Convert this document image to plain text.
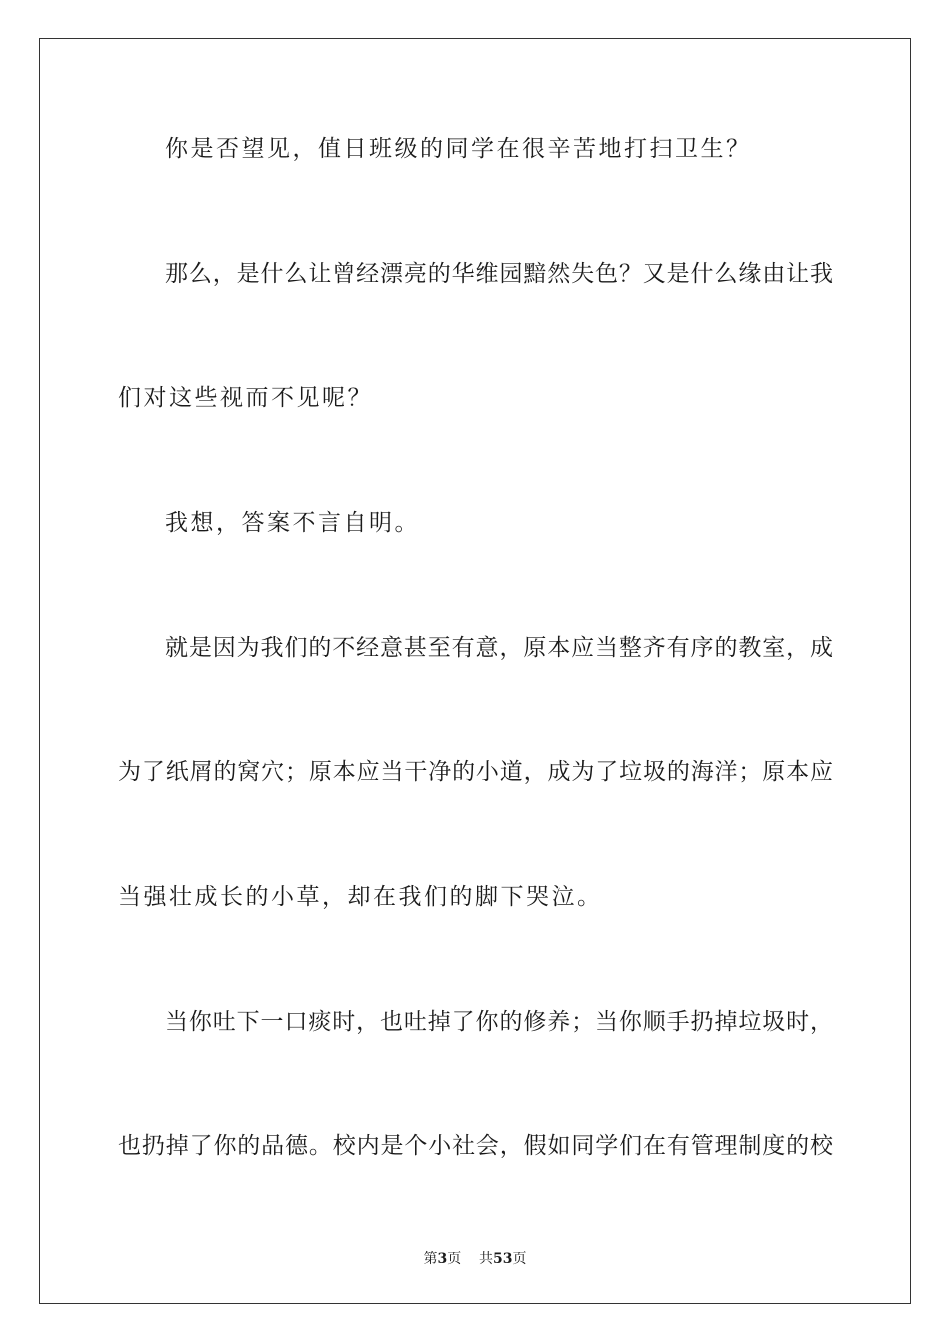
你是否望见，值日班级的同学在很辛苦地打扫卫生？
那么，是什么让曾经漂亮的华维园黯然失色？又是什么缘由让我
们对这些视而不见呢？
我想，答案不言自明。
就是因为我们的不经意甚至有意，原本应当整齐有序的教室，成
为了纸屑的窝穴；原本应当干净的小道，成为了垃圾的海洋；原本应
当强壮成长的小草，却在我们的脚下哭泣。
当你吐下一口痰时，也吐掉了你的修养；当你顺手扔掉垃圾时，
也扔掉了你的品德。校内是个小社会，假如同学们在有管理制度的校
第3页 共53页
